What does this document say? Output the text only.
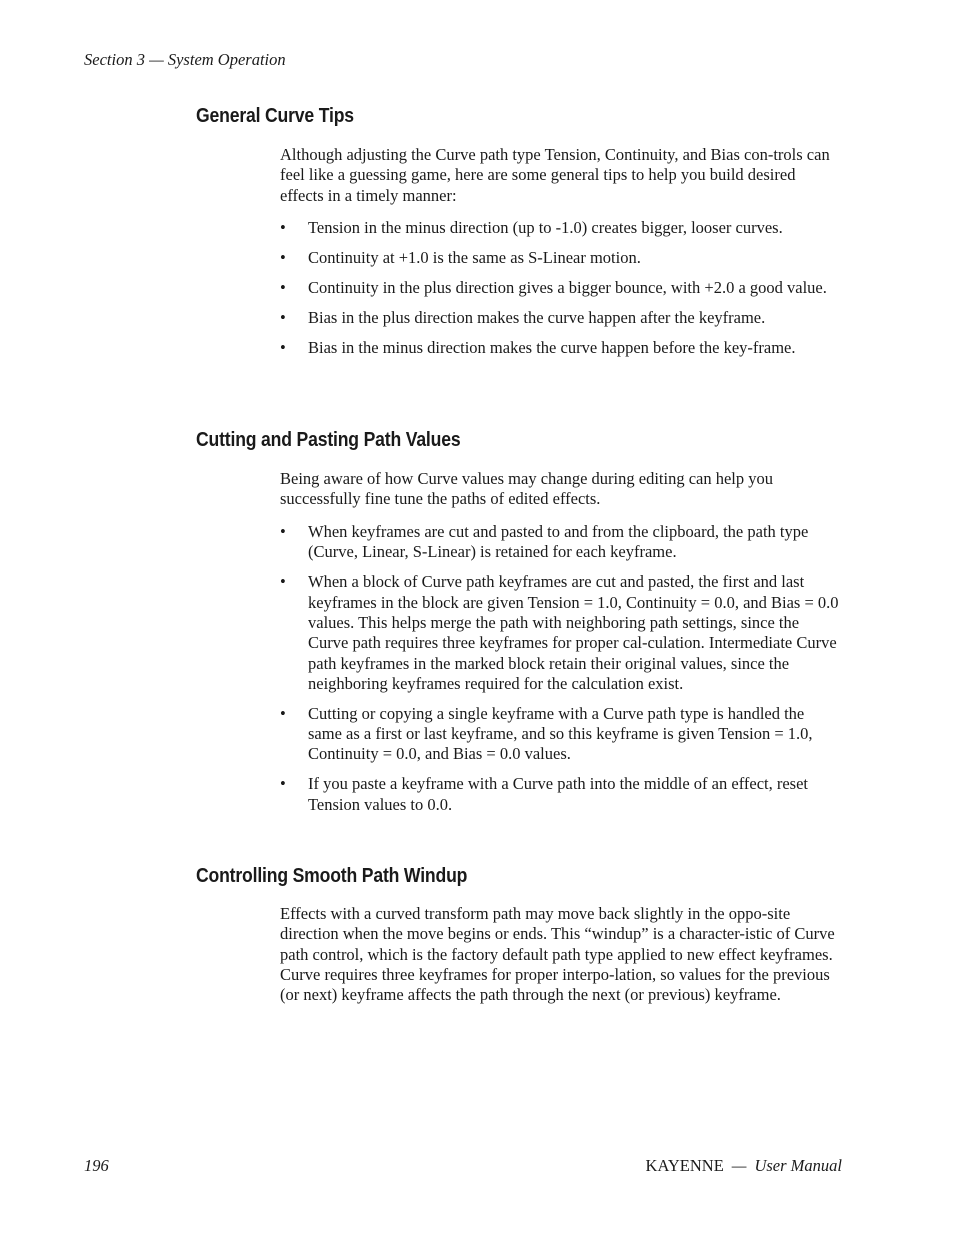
Section 3 — System Operation
General Curve Tips

Although adjusting the Curve path type Tension, Continuity, and Bias con-trols can feel like a guessing game, here are some general tips to help you build desired effects in a timely manner:

• Tension in the minus direction (up to -1.0) creates bigger, looser curves.
• Continuity at +1.0 is the same as S-Linear motion.
• Continuity in the plus direction gives a bigger bounce, with +2.0 a good value.
• Bias in the plus direction makes the curve happen after the keyframe.
• Bias in the minus direction makes the curve happen before the key-frame.
Cutting and Pasting Path Values

Being aware of how Curve values may change during editing can help you successfully fine tune the paths of edited effects.

• When keyframes are cut and pasted to and from the clipboard, the path type (Curve, Linear, S-Linear) is retained for each keyframe.
• When a block of Curve path keyframes are cut and pasted, the first and last keyframes in the block are given Tension = 1.0, Continuity = 0.0, and Bias = 0.0 values. This helps merge the path with neighboring path settings, since the Curve path requires three keyframes for proper cal-culation. Intermediate Curve path keyframes in the marked block retain their original values, since the neighboring keyframes required for the calculation exist.
• Cutting or copying a single keyframe with a Curve path type is handled the same as a first or last keyframe, and so this keyframe is given Tension = 1.0, Continuity = 0.0, and Bias = 0.0 values.
• If you paste a keyframe with a Curve path into the middle of an effect, reset Tension values to 0.0.
Controlling Smooth Path Windup

Effects with a curved transform path may move back slightly in the oppo-site direction when the move begins or ends. This “windup” is a character-istic of Curve path control, which is the factory default path type applied to new effect keyframes. Curve requires three keyframes for proper interpo-lation, so values for the previous (or next) keyframe affects the path through the next (or previous) keyframe.

196	KAYENNE — User Manual
